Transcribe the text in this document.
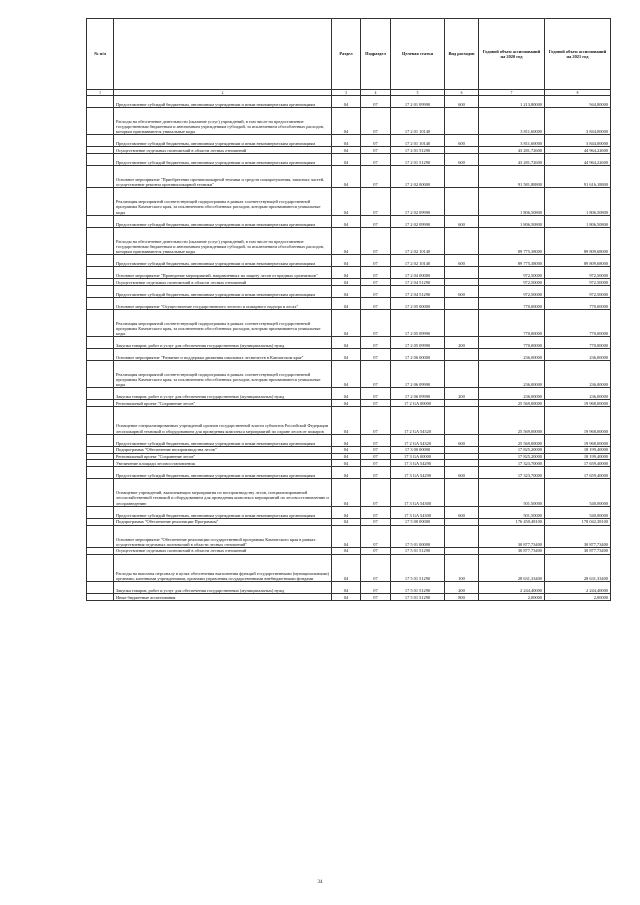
№ п/п		Раздел	Подраздел	Целевая статья	Вид расходов	Годовой объем ассигнований на 2020 год	Годовой объем ассигнований на 2021 год
1	2	3	4	5	6	7	8
	Предоставление субсидий бюджетным, автономным учреждениям и иным некоммерческим организациям	04	07	17 2 01 09990	600	1 213,80000	944,80000
	Расходы на обеспечение деятельности (оказание услуг) учреждений, в том числе на предоставление государственным бюджетным и автономным учреждениям субсидий, за исключением обособленных расходов, которым присваиваются уникальные коды	04	07	17 2 01 10140		3 811,60000	3 844,00000
	Предоставление субсидий бюджетным, автономным учреждениям и иным некоммерческим организациям	04	07	17 2 01 10140	600	3 811,60000	3 844,00000
	Осуществление отдельных полномочий в области лесных отношений	04	07	17 2 01 51290		43 281,72600	44 964,22600
	Предоставление субсидий бюджетным, автономным учреждениям и иным некоммерческим организациям	04	07	17 2 01 51290	600	43 281,72600	44 964,22600
	Основное мероприятие "Приобретение противопожарной техники и средств пожаротушения, запасных частей, осуществление ремонта противопожарной техники"	04	07	17 2 02 00000		91 581,88800	91 616,18800
	Реализация мероприятий соответствующей подпрограммы в рамках соответствующей государственной программы Камчатского края, за исключением обособленных расходов, которым присваиваются уникальные коды	04	07	17 2 02 09990		1 806,50800	1 806,50800
	Предоставление субсидий бюджетным, автономным учреждениям и иным некоммерческим организациям	04	07	17 2 02 09990	600	1 806,50800	1 806,50800
	Расходы на обеспечение деятельности (оказание услуг) учреждений, в том числе на предоставление государственным бюджетным и автономным учреждениям субсидий, за исключением обособленных расходов, которым присваиваются уникальные коды	04	07	17 2 02 10140		89 775,38000	89 809,68000
	Предоставление субсидий бюджетным, автономным учреждениям и иным некоммерческим организациям	04	07	17 2 02 10140	600	89 775,38000	89 809,68000
	Основное мероприятие "Проведение мероприятий, направленных на защиту лесов от вредных организмов"	04	07	17 2 04 00000		972,50000	972,50000
	Осуществление отдельных полномочий в области лесных отношений	04	07	17 2 04 51290		972,50000	972,50000
	Предоставление субсидий бюджетным, автономным учреждениям и иным некоммерческим организациям	04	07	17 2 04 51290	600	972,50000	972,50000
	Основное мероприятие "Осуществление государственного лесного и пожарного надзора в лесах"	04	07	17 2 05 00000		770,00000	770,00000
	Реализация мероприятий соответствующей подпрограммы в рамках соответствующей государственной программы Камчатского края, за исключением обособленных расходов, которым присваиваются уникальные коды	04	07	17 2 05 09990		770,00000	770,00000
	Закупка товаров, работ и услуг для обеспечения государственных (муниципальных) нужд	04	07	17 2 05 09990	200	770,00000	770,00000
	Основное мероприятие "Развитие и поддержка движения школьных лесничеств в Камчатском крае"	04	07	17 2 06 00000		236,00000	236,00000
	Реализация мероприятий соответствующей подпрограммы в рамках соответствующей государственной программы Камчатского края, за исключением обособленных расходов, которым присваиваются уникальные коды	04	07	17 2 06 09990		236,00000	236,00000
	Закупка товаров, работ и услуг для обеспечения государственных (муниципальных) нужд	04	07	17 2 06 09990	200	236,00000	236,00000
	Региональный проект "Сохранение лесов"	04	07	17 2 GA 00000		25 569,00000	19 968,00000
	Оснащение специализированных учреждений органов государственной власти субъектов Российской Федерации лесопожарной техникой и оборудованием для проведения комплекса мероприятий по охране лесов от пожаров	04	07	17 2 GA 54320		25 569,00000	19 968,00000
	Предоставление субсидий бюджетным, автономным учреждениям и иным некоммерческим организациям	04	07	17 2 GA 54320	600	25 569,00000	19 968,00000
	Подпрограмма "Обеспечение воспроизводства лесов"	04	07	17 3 00 00000		17 825,20000	18 199,40000
	Региональный проект "Сохранение лесов"	04	07	17 3 GA 00000		17 825,20000	18 199,40000
	Увеличение площади лесовосстановления	04	07	17 3 GA 54290		17 323,70000	17 659,40000
	Предоставление субсидий бюджетным, автономным учреждениям и иным некоммерческим организациям	04	07	17 3 GA 54290	600	17 323,70000	17 659,40000
	Оснащение учреждений, выполняющих мероприятия по воспроизводству лесов, специализированной лесохозяйственной техникой и оборудованием для проведения комплекса мероприятий по лесовосстановлению и лесоразведению	04	07	17 3 GA 54300		501,50000	540,00000
	Предоставление субсидий бюджетным, автономным учреждениям и иным некоммерческим организациям	04	07	17 3 GA 54300	600	501,50000	540,00000
	Подпрограмма "Обеспечение реализации Программы"	04	07	17 5 00 00000		176 450,48100	178 042,38100
	Основное мероприятие "Обеспечение реализации государственной программы Камчатского края в рамках осуществления отдельных полномочий в области лесных отношений"	04	07	17 5 01 00000		30 877,73400	30 877,73400
	Осуществление отдельных полномочий в области лесных отношений	04	07	17 5 01 51290		30 877,73400	30 877,73400
	Расходы на выплаты персоналу в целях обеспечения выполнения функций государственными (муниципальными) органами, казенными учреждениями, органами управления государственными внебюджетными фондами	04	07	17 5 01 51290	100	28 631,33400	28 631,33400
	Закупка товаров, работ и услуг для обеспечения государственных (муниципальных) нужд	04	07	17 5 01 51290	200	2 244,40000	2 244,40000
	Иные бюджетные ассигнования	04	07	17 5 01 51290	800	2,00000	2,00000
34
